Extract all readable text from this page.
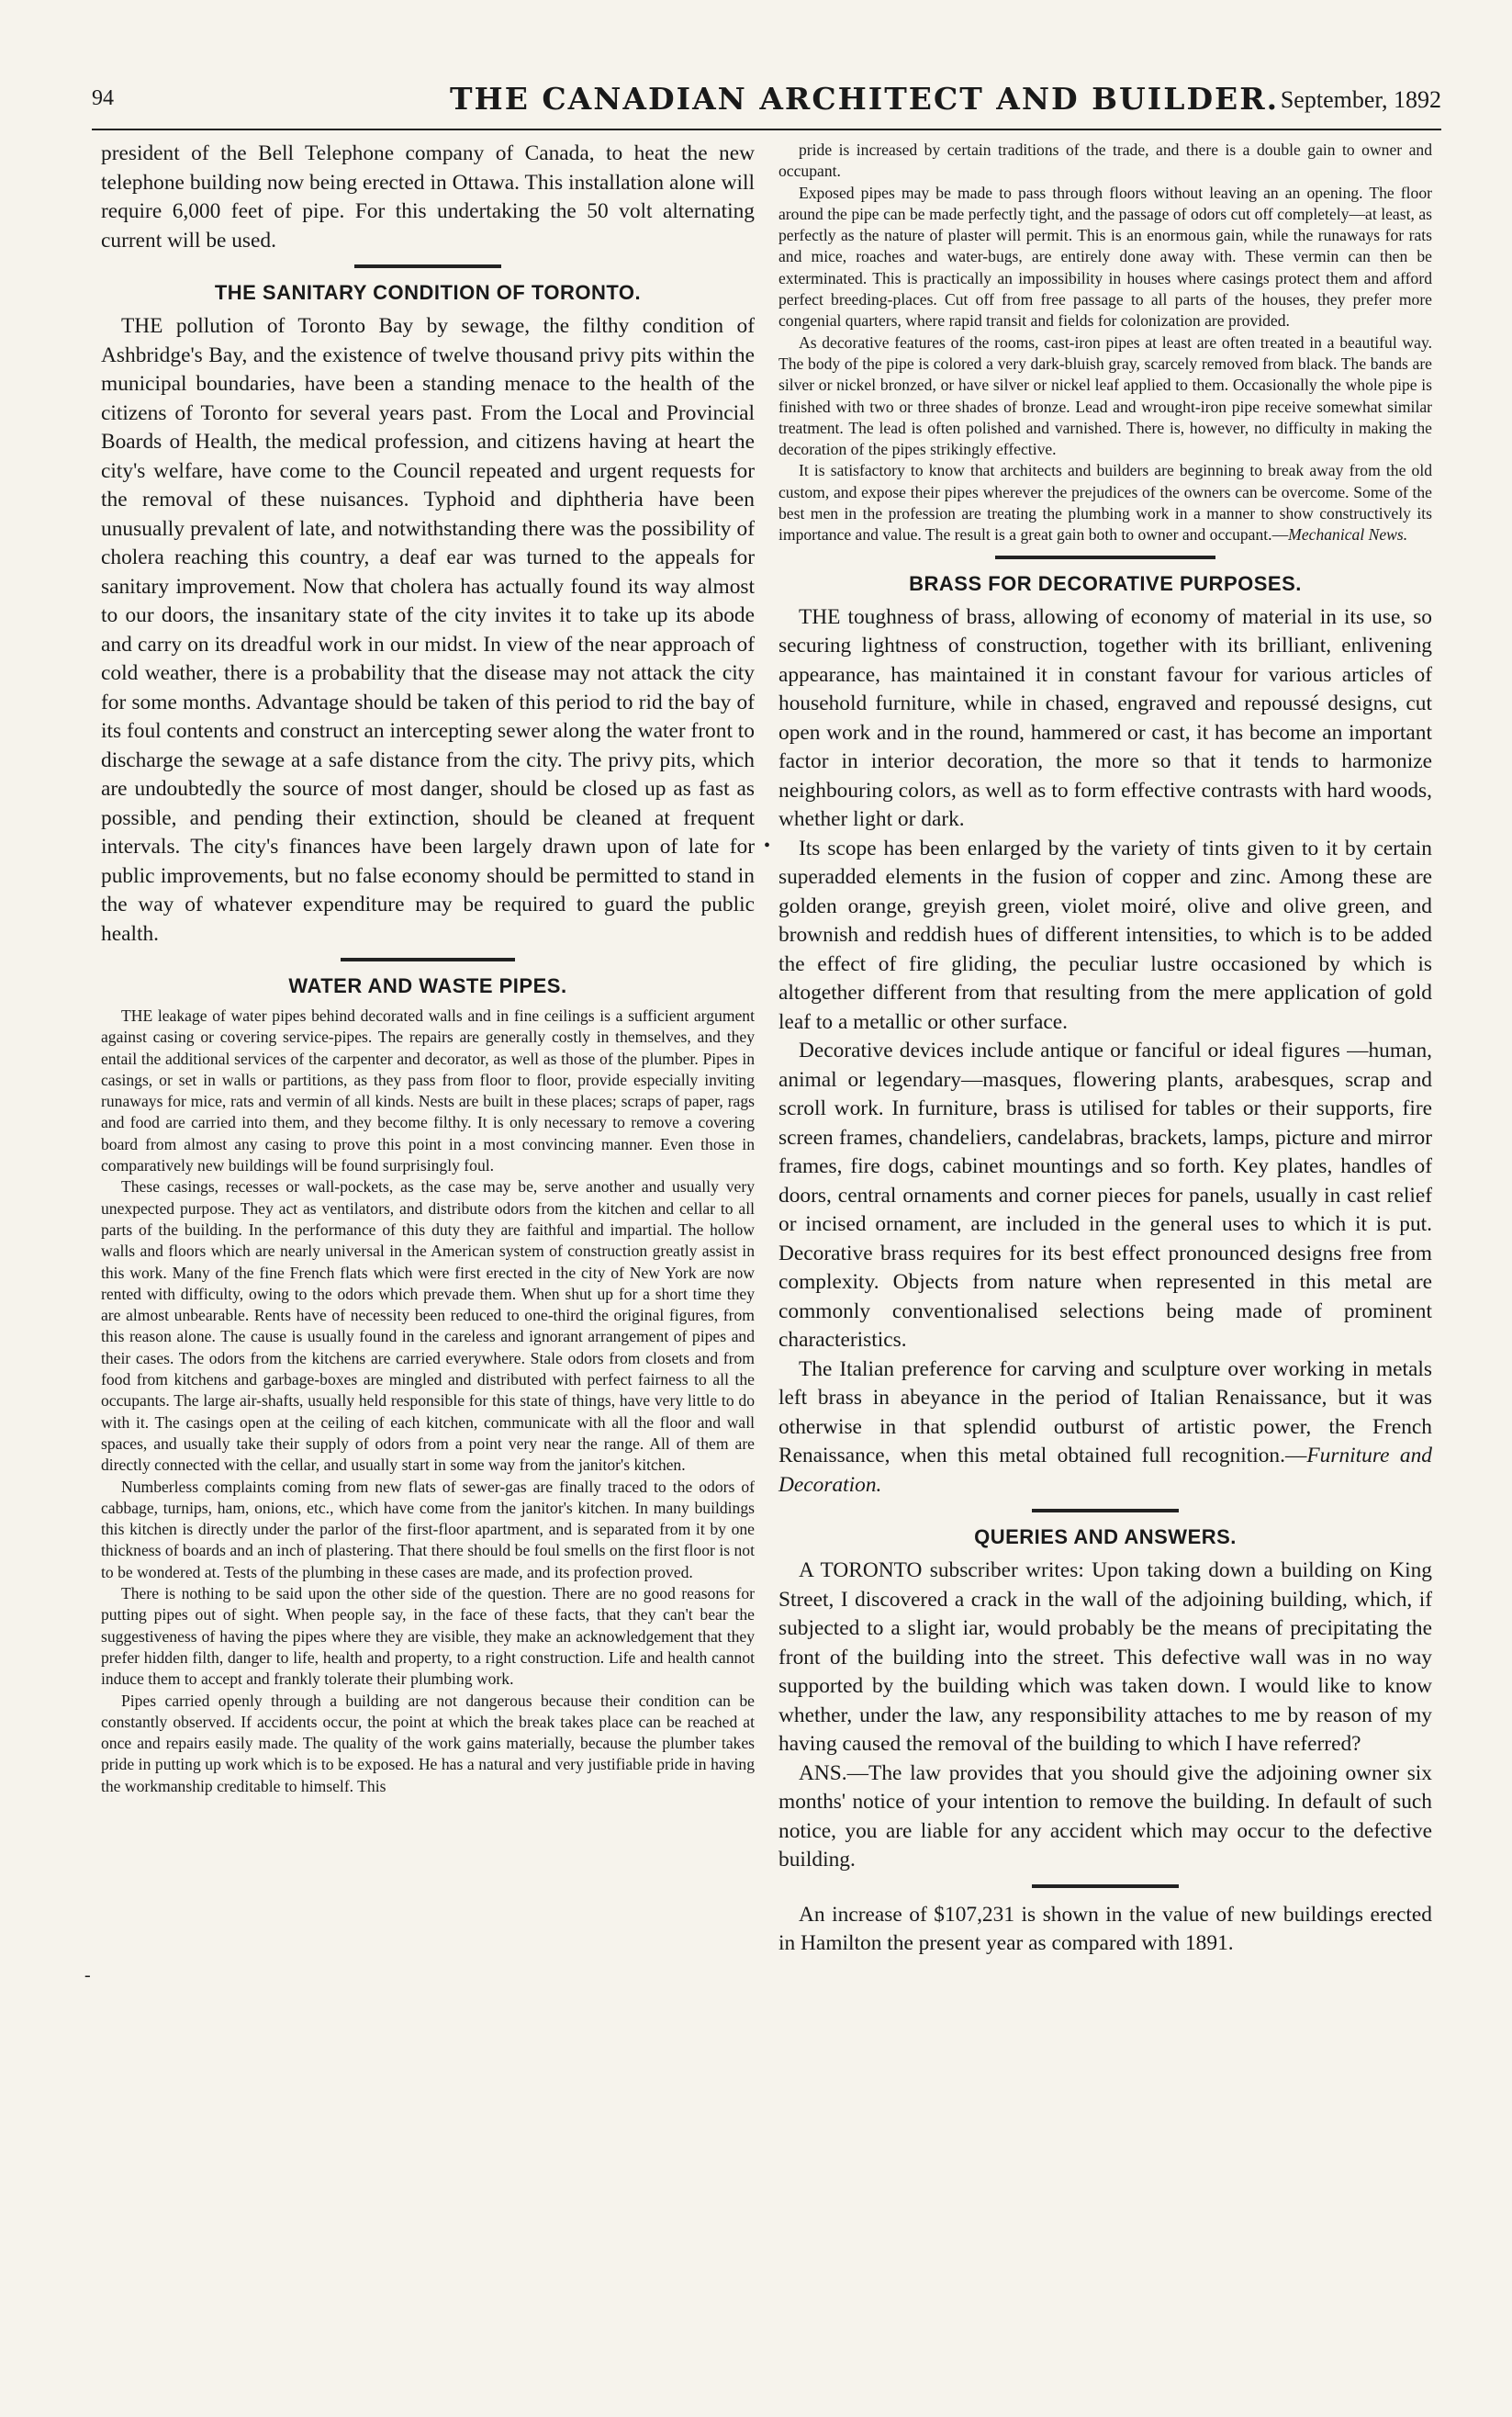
94	THE CANADIAN ARCHITECT AND BUILDER. September, 1892

president of the Bell Telephone company of Canada, to heat the new telephone building now being erected in Ottawa. This installation alone will require 6,000 feet of pipe. For this undertaking the 50 volt alternating current will be used.

THE SANITARY CONDITION OF TORONTO.

THE pollution of Toronto Bay by sewage, the filthy condition of Ashbridge's Bay, and the existence of twelve thousand privy pits within the municipal boundaries, have been a standing menace to the health of the citizens of Toronto for several years past. From the Local and Provincial Boards of Health, the medical profession, and citizens having at heart the city's welfare, have come to the Council repeated and urgent requests for the removal of these nuisances. Typhoid and diphtheria have been unusually prevalent of late, and notwithstanding there was the possibility of cholera reaching this country, a deaf ear was turned to the appeals for sanitary improvement. Now that cholera has actually found its way almost to our doors, the insanitary state of the city invites it to take up its abode and carry on its dreadful work in our midst. In view of the near approach of cold weather, there is a probability that the disease may not attack the city for some months. Advantage should be taken of this period to rid the bay of its foul contents and construct an intercepting sewer along the water front to discharge the sewage at a safe distance from the city. The privy pits, which are undoubtedly the source of most danger, should be closed up as fast as possible, and pending their extinction, should be cleaned at frequent intervals. The city's finances have been largely drawn upon of late for public improvements, but no false economy should be permitted to stand in the way of whatever expenditure may be required to guard the public health.

WATER AND WASTE PIPES.

THE leakage of water pipes behind decorated walls and in fine ceilings is a sufficient argument against casing or covering service-pipes. The repairs are generally costly in themselves, and they entail the additional services of the carpenter and decorator, as well as those of the plumber. Pipes in casings, or set in walls or partitions, as they pass from floor to floor, provide especially inviting runaways for mice, rats and vermin of all kinds. Nests are built in these places; scraps of paper, rags and food are carried into them, and they become filthy. It is only necessary to remove a covering board from almost any casing to prove this point in a most convincing manner. Even those in comparatively new buildings will be found surprisingly foul.

These casings, recesses or wall-pockets, as the case may be, serve another and usually very unexpected purpose. They act as ventilators, and distribute odors from the kitchen and cellar to all parts of the building. In the performance of this duty they are faithful and impartial. The hollow walls and floors which are nearly universal in the American system of construction greatly assist in this work. Many of the fine French flats which were first erected in the city of New York are now rented with difficulty, owing to the odors which prevade them. When shut up for a short time they are almost unbearable. Rents have of necessity been reduced to one-third the original figures, from this reason alone. The cause is usually found in the careless and ignorant arrangement of pipes and their cases. The odors from the kitchens are carried everywhere. Stale odors from closets and from food from kitchens and garbage-boxes are mingled and distributed with perfect fairness to all the occupants. The large air-shafts, usually held responsible for this state of things, have very little to do with it. The casings open at the ceiling of each kitchen, communicate with all the floor and wall spaces, and usually take their supply of odors from a point very near the range. All of them are directly connected with the cellar, and usually start in some way from the janitor's kitchen.

Numberless complaints coming from new flats of sewer-gas are finally traced to the odors of cabbage, turnips, ham, onions, etc., which have come from the janitor's kitchen. In many buildings this kitchen is directly under the parlor of the first-floor apartment, and is separated from it by one thickness of boards and an inch of plastering. That there should be foul smells on the first floor is not to be wondered at. Tests of the plumbing in these cases are made, and its profection proved.

There is nothing to be said upon the other side of the question. There are no good reasons for putting pipes out of sight. When people say, in the face of these facts, that they can't bear the suggestiveness of having the pipes where they are visible, they make an acknowledgement that they prefer hidden filth, danger to life, health and property, to a right construction. Life and health cannot induce them to accept and frankly tolerate their plumbing work.

Pipes carried openly through a building are not dangerous because their condition can be constantly observed. If accidents occur, the point at which the break takes place can be reached at once and repairs easily made. The quality of the work gains materially, because the plumber takes pride in putting up work which is to be exposed. He has a natural and very justifiable pride in having the workmanship creditable to himself. This

pride is increased by certain traditions of the trade, and there is a double gain to owner and occupant.

Exposed pipes may be made to pass through floors without leaving an an opening. The floor around the pipe can be made perfectly tight, and the passage of odors cut off completely—at least, as perfectly as the nature of plaster will permit. This is an enormous gain, while the runaways for rats and mice, roaches and water-bugs, are entirely done away with. These vermin can then be exterminated. This is practically an impossibility in houses where casings protect them and afford perfect breeding-places. Cut off from free passage to all parts of the houses, they prefer more congenial quarters, where rapid transit and fields for colonization are provided.

As decorative features of the rooms, cast-iron pipes at least are often treated in a beautiful way. The body of the pipe is colored a very dark-bluish gray, scarcely removed from black. The bands are silver or nickel bronzed, or have silver or nickel leaf applied to them. Occasionally the whole pipe is finished with two or three shades of bronze. Lead and wrought-iron pipe receive somewhat similar treatment. The lead is often polished and varnished. There is, however, no difficulty in making the decoration of the pipes strikingly effective.

It is satisfactory to know that architects and builders are beginning to break away from the old custom, and expose their pipes wherever the prejudices of the owners can be overcome. Some of the best men in the profession are treating the plumbing work in a manner to show constructively its importance and value. The result is a great gain both to owner and occupant.—Mechanical News.

BRASS FOR DECORATIVE PURPOSES.

THE toughness of brass, allowing of economy of material in its use, so securing lightness of construction, together with its brilliant, enlivening appearance, has maintained it in constant favour for various articles of household furniture, while in chased, engraved and repoussé designs, cut open work and in the round, hammered or cast, it has become an important factor in interior decoration, the more so that it tends to harmonize neighbouring colors, as well as to form effective contrasts with hard woods, whether light or dark.

Its scope has been enlarged by the variety of tints given to it by certain superadded elements in the fusion of copper and zinc. Among these are golden orange, greyish green, violet moiré, olive and olive green, and brownish and reddish hues of different intensities, to which is to be added the effect of fire gliding, the peculiar lustre occasioned by which is altogether different from that resulting from the mere application of gold leaf to a metallic or other surface.

Decorative devices include antique or fanciful or ideal figures —human, animal or legendary—masques, flowering plants, arabesques, scrap and scroll work. In furniture, brass is utilised for tables or their supports, fire screen frames, chandeliers, candelabras, brackets, lamps, picture and mirror frames, fire dogs, cabinet mountings and so forth. Key plates, handles of doors, central ornaments and corner pieces for panels, usually in cast relief or incised ornament, are included in the general uses to which it is put. Decorative brass requires for its best effect pronounced designs free from complexity. Objects from nature when represented in this metal are commonly conventionalised selections being made of prominent characteristics.

The Italian preference for carving and sculpture over working in metals left brass in abeyance in the period of Italian Renaissance, but it was otherwise in that splendid outburst of artistic power, the French Renaissance, when this metal obtained full recognition.—Furniture and Decoration.

QUERIES AND ANSWERS.

A TORONTO subscriber writes: Upon taking down a building on King Street, I discovered a crack in the wall of the adjoining building, which, if subjected to a slight iar, would probably be the means of precipitating the front of the building into the street. This defective wall was in no way supported by the building which was taken down. I would like to know whether, under the law, any responsibility attaches to me by reason of my having caused the removal of the building to which I have referred?

ANS.—The law provides that you should give the adjoining owner six months' notice of your intention to remove the building. In default of such notice, you are liable for any accident which may occur to the defective building.

An increase of $107,231 is shown in the value of new buildings erected in Hamilton the present year as compared with 1891.

•
-
